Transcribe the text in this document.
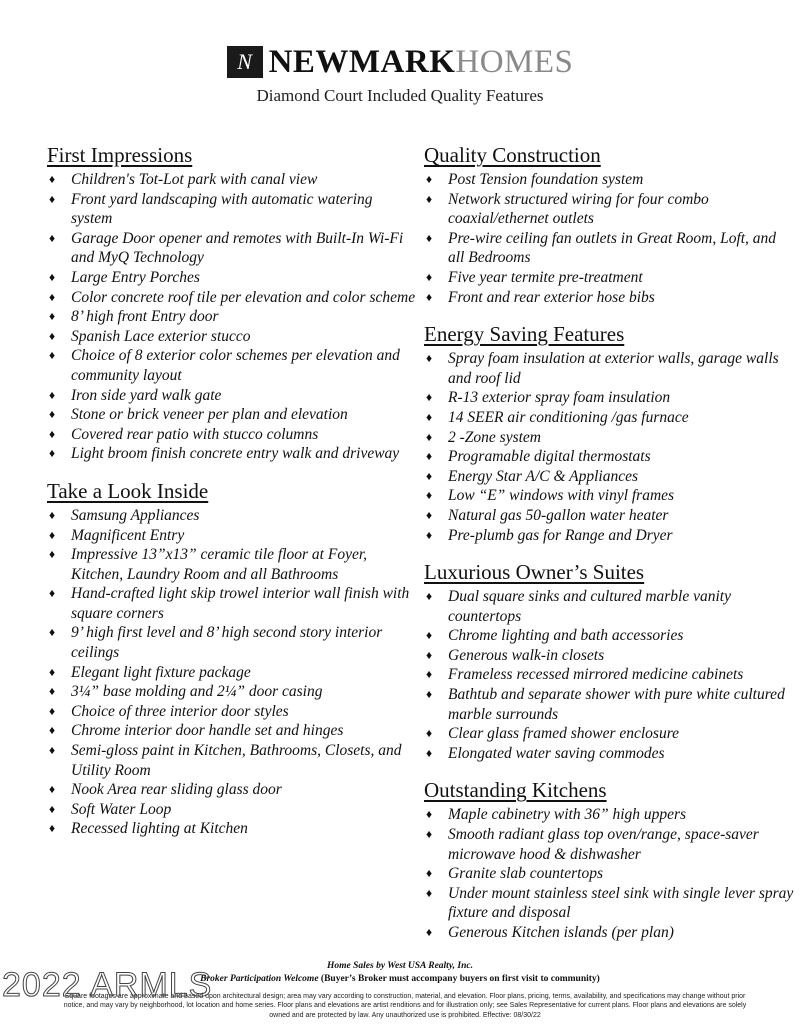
N NEWMARKHOMES
Diamond Court Included Quality Features
First Impressions
♦	Children's Tot-Lot park with canal view
♦	Front yard landscaping with automatic watering system
♦	Garage Door opener and remotes with Built-In Wi-Fi and MyQ Technology
♦	Large Entry Porches
♦	Color concrete roof tile per elevation and color scheme
♦	8’ high front Entry door
♦	Spanish Lace exterior stucco
♦	Choice of 8 exterior color schemes per elevation and community layout
♦	Iron side yard walk gate
♦	Stone or brick veneer per plan and elevation
♦	Covered rear patio with stucco columns
♦	Light broom finish concrete entry walk and driveway
Take a Look Inside
♦	Samsung Appliances
♦	Magnificent Entry
♦	Impressive 13”x13” ceramic tile floor at Foyer, Kitchen, Laundry Room and all Bathrooms
♦	Hand-crafted light skip trowel interior wall finish with square corners
♦	9’ high first level and 8’ high second story interior ceilings
♦	Elegant light fixture package
♦	3¼” base molding and 2¼” door casing
♦	Choice of three interior door styles
♦	Chrome interior door handle set and hinges
♦	Semi-gloss paint in Kitchen, Bathrooms, Closets, and Utility Room
♦	Nook Area rear sliding glass door
♦	Soft Water Loop
♦	Recessed lighting at Kitchen
Quality Construction
♦	Post Tension foundation system
♦	Network structured wiring for four combo coaxial/ethernet outlets
♦	Pre-wire ceiling fan outlets in Great Room, Loft, and all Bedrooms
♦	Five year termite pre-treatment
♦	Front and rear exterior hose bibs
Energy Saving Features
♦	Spray foam insulation at exterior walls, garage walls and roof lid
♦	R-13 exterior spray foam insulation
♦	14 SEER air conditioning /gas furnace
♦	2 -Zone system
♦	Programable digital thermostats
♦	Energy Star A/C & Appliances
♦	Low “E” windows with vinyl frames
♦	Natural gas 50-gallon water heater
♦	Pre-plumb gas for Range and Dryer
Luxurious Owner’s Suites
♦	Dual square sinks and cultured marble vanity countertops
♦	Chrome lighting and bath accessories
♦	Generous walk-in closets
♦	Frameless recessed mirrored medicine cabinets
♦	Bathtub and separate shower with pure white cultured marble surrounds
♦	Clear glass framed shower enclosure
♦	Elongated water saving commodes
Outstanding Kitchens
♦	Maple cabinetry with 36” high uppers
♦	Smooth radiant glass top oven/range, space-saver microwave hood & dishwasher
♦	Granite slab countertops
♦	Under mount stainless steel sink with single lever spray fixture and disposal
♦	Generous Kitchen islands (per plan)
Home Sales by West USA Realty, Inc.
Broker Participation Welcome (Buyer’s Broker must accompany buyers on first visit to community)
Square footages are approximate and based upon architectural design; area may vary according to construction, material, and elevation. Floor plans, pricing, terms, availability, and specifications may change without prior notice, and may vary by neighborhood, lot location and home series. Floor plans and elevations are artist renditions and for illustration only; see Sales Representative for current plans. Floor plans and elevations are solely owned and are protected by law. Any unauthorized use is prohibited. Effective: 08/30/22
2022 ARMLS
